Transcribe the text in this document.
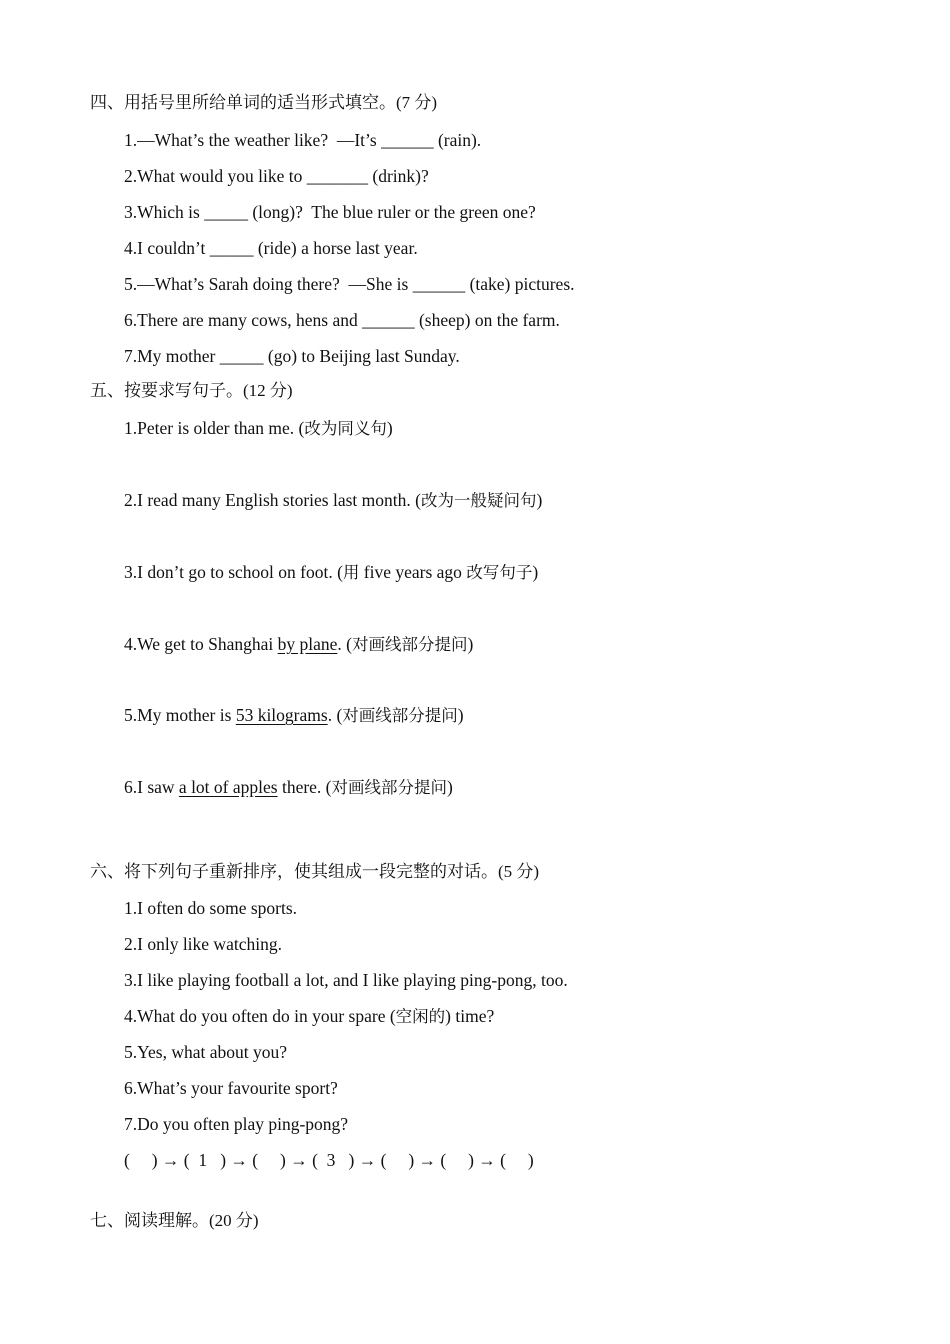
四、用括号里所给单词的适当形式填空。(7 分)
1.—What’s the weather like?  —It’s ______ (rain).
2.What would you like to _______ (drink)?
3.Which is _____ (long)?  The blue ruler or the green one?
4.I couldn’t _____ (ride) a horse last year.
5.—What’s Sarah doing there?  —She is ______ (take) pictures.
6.There are many cows, hens and ______ (sheep) on the farm.
7.My mother _____ (go) to Beijing last Sunday.
五、按要求写句子。(12 分)
1.Peter is older than me. (改为同义句)
2.I read many English stories last month. (改为一般疑问句)
3.I don’t go to school on foot. (用 five years ago 改写句子)
4.We get to Shanghai by plane. (对画线部分提问)
5.My mother is 53 kilograms. (对画线部分提问)
6.I saw a lot of apples there. (对画线部分提问)
六、将下列句子重新排序，使其组成一段完整的对话。(5 分)
1.I often do some sports.
2.I only like watching.
3.I like playing football a lot, and I like playing ping-pong, too.
4.What do you often do in your spare (空闲的) time?
5.Yes, what about you?
6.What’s your favourite sport?
7.Do you often play ping-pong?
(     ) → (  1   ) → (     ) → (  3   ) → (     ) → (     ) → (     )
七、阅读理解。(20 分)
